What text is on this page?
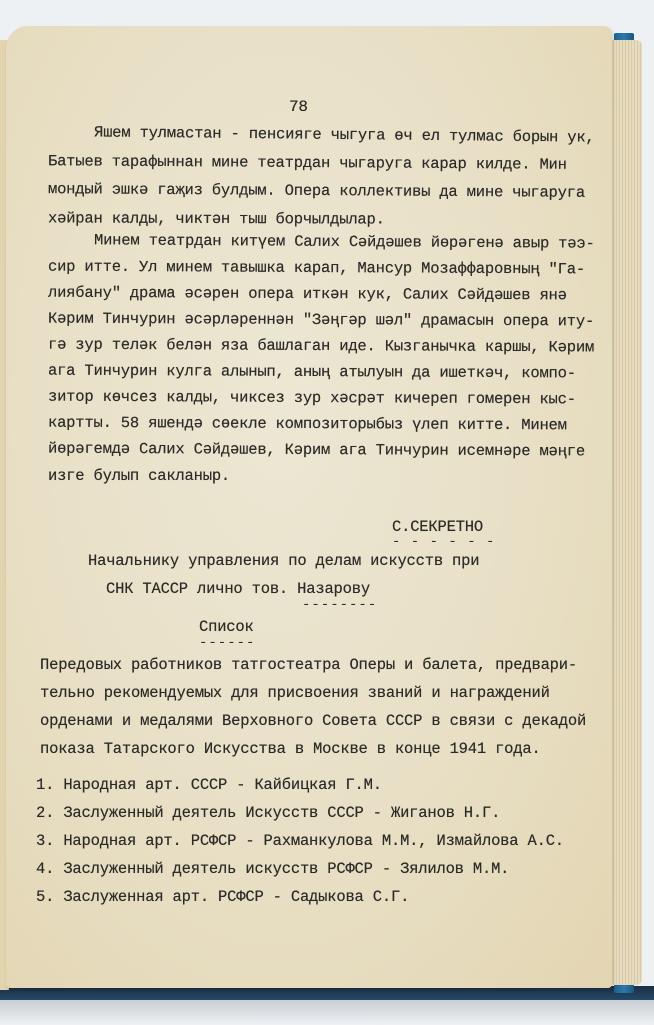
78
Яшем тулмастан - пенсияге чыгуга өч ел тулмас борын ук,
Батыев тарафыннан мине театрдан чыгаруга карар килде. Мин
мондый эшкә гаҗиз булдым. Опера коллективы да мине чыгаруга
хәйран калды, чиктән тыш борчылдылар.
Минем театрдан китүем Салих Сәйдәшев йөрәгенә авыр тәэ-
сир итте. Ул минем тавышка карап, Мансур Мозаффаровның "Га-
лиябану" драма әсәрен опера иткән кук, Салих Сәйдәшев янә
Кәрим Тинчурин әсәрләреннән "Зәңгәр шәл" драмасын опера иту-
гә зур теләк белән яза башлаган иде. Кызганычка каршы, Кәрим
ага Тинчурин кулга алынып, аның атылуын да ишеткәч, компо-
зитор көчсез калды, чиксез зур хәсрәт кичереп гомерен кыс-
картты. 58 яшендә сөекле композиторыбыз үлеп китте. Минем
йөрәгемдә Салих Сәйдәшев, Кәрим ага Тинчурин исемнәре мәңге
изге булып сакланыр.
С.СЕКРЕТНО
- - - - - -
Начальнику управления по делам искусств при
СНК ТАССР лично тов. Назарову
--------
Список
------
Передовых работников татгостеатра Оперы и балета, предвари-
тельно рекомендуемых для присвоения званий и награждений
орденами и медалями Верховного Совета СССР в связи с декадой
показа Татарского Искусства в Москве в конце 1941 года.
1. Народная арт. СССР - Кайбицкая Г.М.
2. Заслуженный деятель Искусств СССР - Жиганов Н.Г.
3. Народная арт. РСФСР - Рахманкулова М.М., Измайлова А.С.
4. Заслуженный деятель искусств РСФСР - Зялилов М.М.
5. Заслуженная арт. РСФСР - Садыкова С.Г.
